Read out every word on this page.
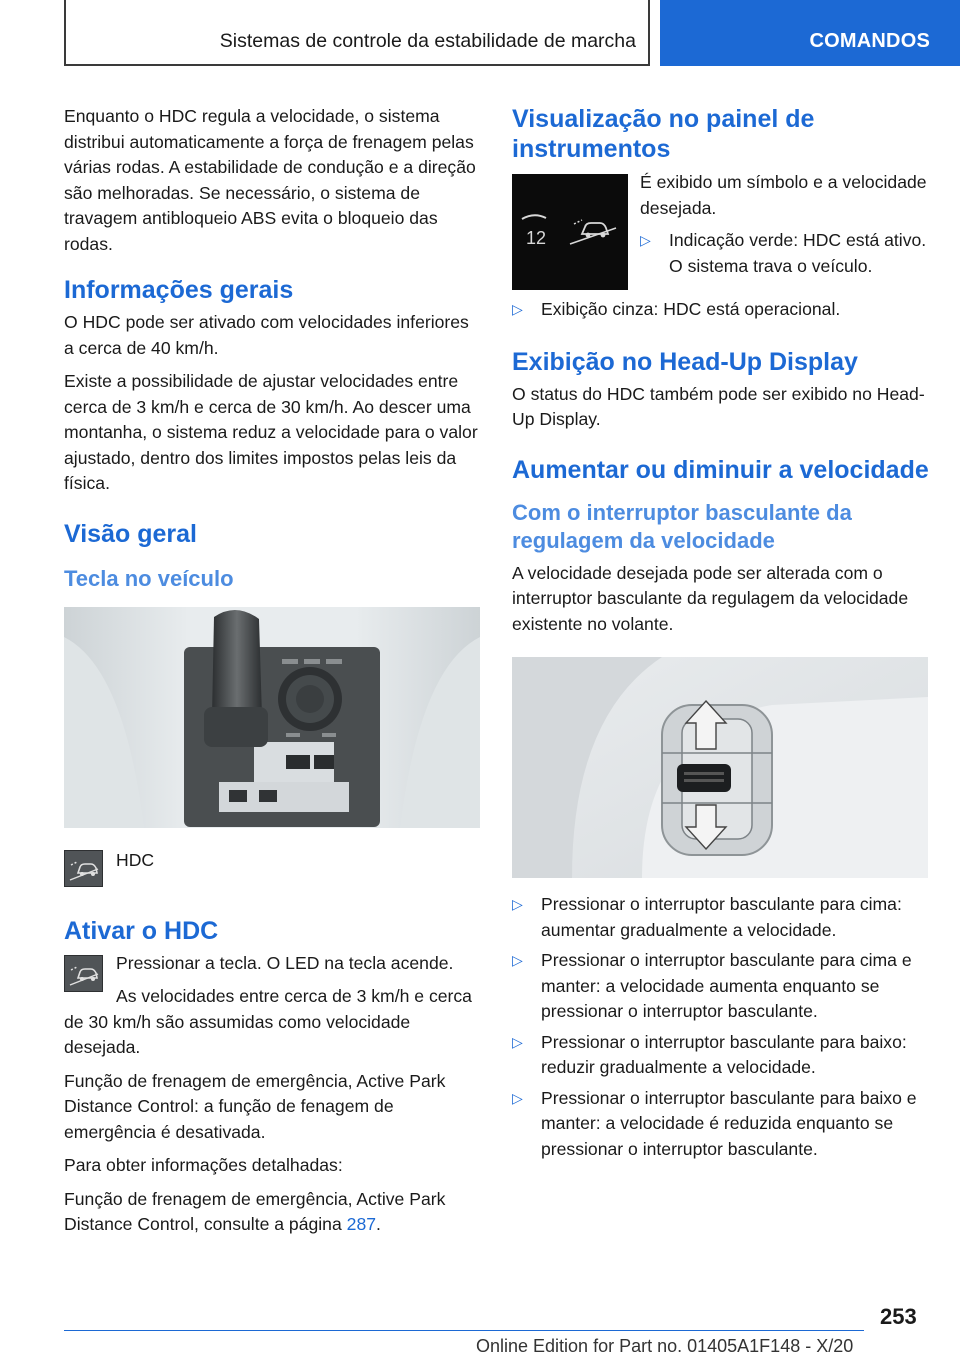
Sistemas de controle da estabilidade de marcha	COMANDOS

Enquanto o HDC regula a velocidade, o sistema distribui automaticamente a força de frenagem pelas várias rodas. A estabilidade de condução e a direção são melhoradas. Se necessário, o sistema de travagem antibloqueio ABS evita o bloqueio das rodas.

Informações gerais

O HDC pode ser ativado com velocidades inferiores a cerca de 40 km/h.

Existe a possibilidade de ajustar velocidades entre cerca de 3 km/h e cerca de 30 km/h. Ao descer uma montanha, o sistema reduz a velocidade para o valor ajustado, dentro dos limites impostos pelas leis da física.

Visão geral
Tecla no veículo
HDC
Ativar o HDC

Pressionar a tecla. O LED na tecla acende.

As velocidades entre cerca de 3 km/h e cerca de 30 km/h são assumidas como velocidade desejada.

Função de frenagem de emergência, Active Park Distance Control: a função de fenagem de emergência é desativada.

Para obter informações detalhadas:

Função de frenagem de emergência, Active Park Distance Control, consulte a página 287.

Visualização no painel de instrumentos
12

É exibido um símbolo e a velocidade desejada.

▷ Indicação verde: HDC está ativo. O sistema trava o veículo.
▷ Exibição cinza: HDC está operacional.
Exibição no Head-Up Display

O status do HDC também pode ser exibido no Head-Up Display.

Aumentar ou diminuir a velocidade
Com o interruptor basculante da regulagem da velocidade

A velocidade desejada pode ser alterada com o interruptor basculante da regulagem da velocidade existente no volante.

▷ Pressionar o interruptor basculante para cima: aumentar gradualmente a velocidade.
▷ Pressionar o interruptor basculante para cima e manter: a velocidade aumenta enquanto se pressionar o interruptor basculante.
▷ Pressionar o interruptor basculante para baixo: reduzir gradualmente a velocidade.
▷ Pressionar o interruptor basculante para baixo e manter: a velocidade é reduzida enquanto se pressionar o interruptor basculante.
253
Online Edition for Part no. 01405A1F148 - X/20
